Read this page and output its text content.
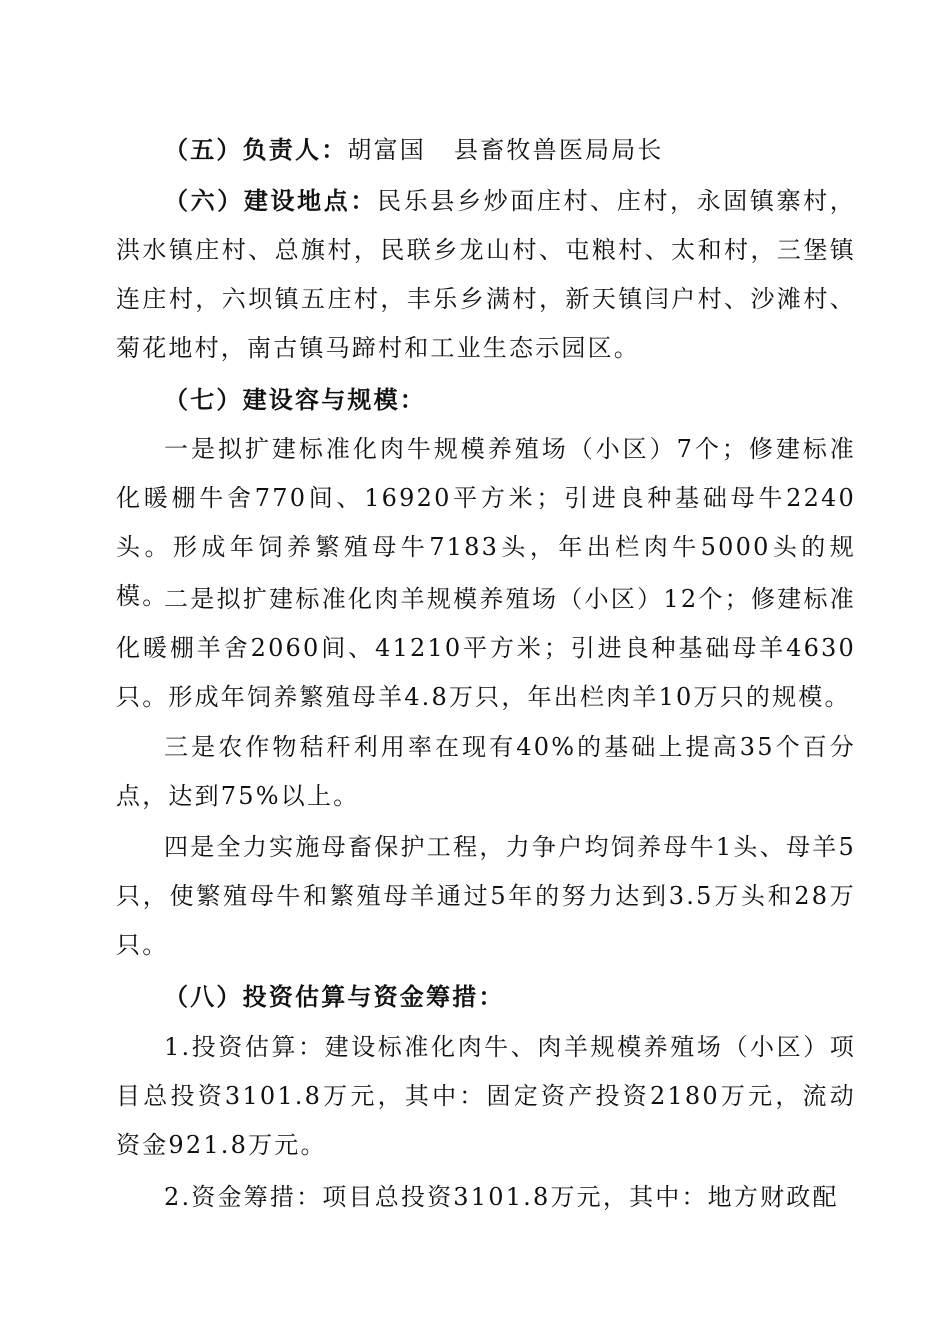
（五）负责人：胡富国 县畜牧兽医局局长

（六）建设地点：民乐县乡炒面庄村、庄村，永固镇寨村，洪水镇庄村、总旗村，民联乡龙山村、屯粮村、太和村，三堡镇连庄村，六坝镇五庄村，丰乐乡满村，新天镇闫户村、沙滩村、菊花地村，南古镇马蹄村和工业生态示园区。

（七）建设容与规模：

一是拟扩建标准化肉牛规模养殖场（小区）7个；修建标准化暖棚牛舍770间、16920平方米；引进良种基础母牛2240头。形成年饲养繁殖母牛7183头，年出栏肉牛5000头的规模。

二是拟扩建标准化肉羊规模养殖场（小区）12个；修建标准化暖棚羊舍2060间、41210平方米；引进良种基础母羊4630只。形成年饲养繁殖母羊4.8万只，年出栏肉羊10万只的规模。

三是农作物秸秆利用率在现有40%的基础上提高35个百分点，达到75%以上。

四是全力实施母畜保护工程，力争户均饲养母牛1头、母羊5只，使繁殖母牛和繁殖母羊通过5年的努力达到3.5万头和28万只。

（八）投资估算与资金筹措：

1.投资估算：建设标准化肉牛、肉羊规模养殖场（小区）项目总投资3101.8万元，其中：固定资产投资2180万元，流动资金921.8万元。

2.资金筹措：项目总投资3101.8万元，其中：地方财政配
